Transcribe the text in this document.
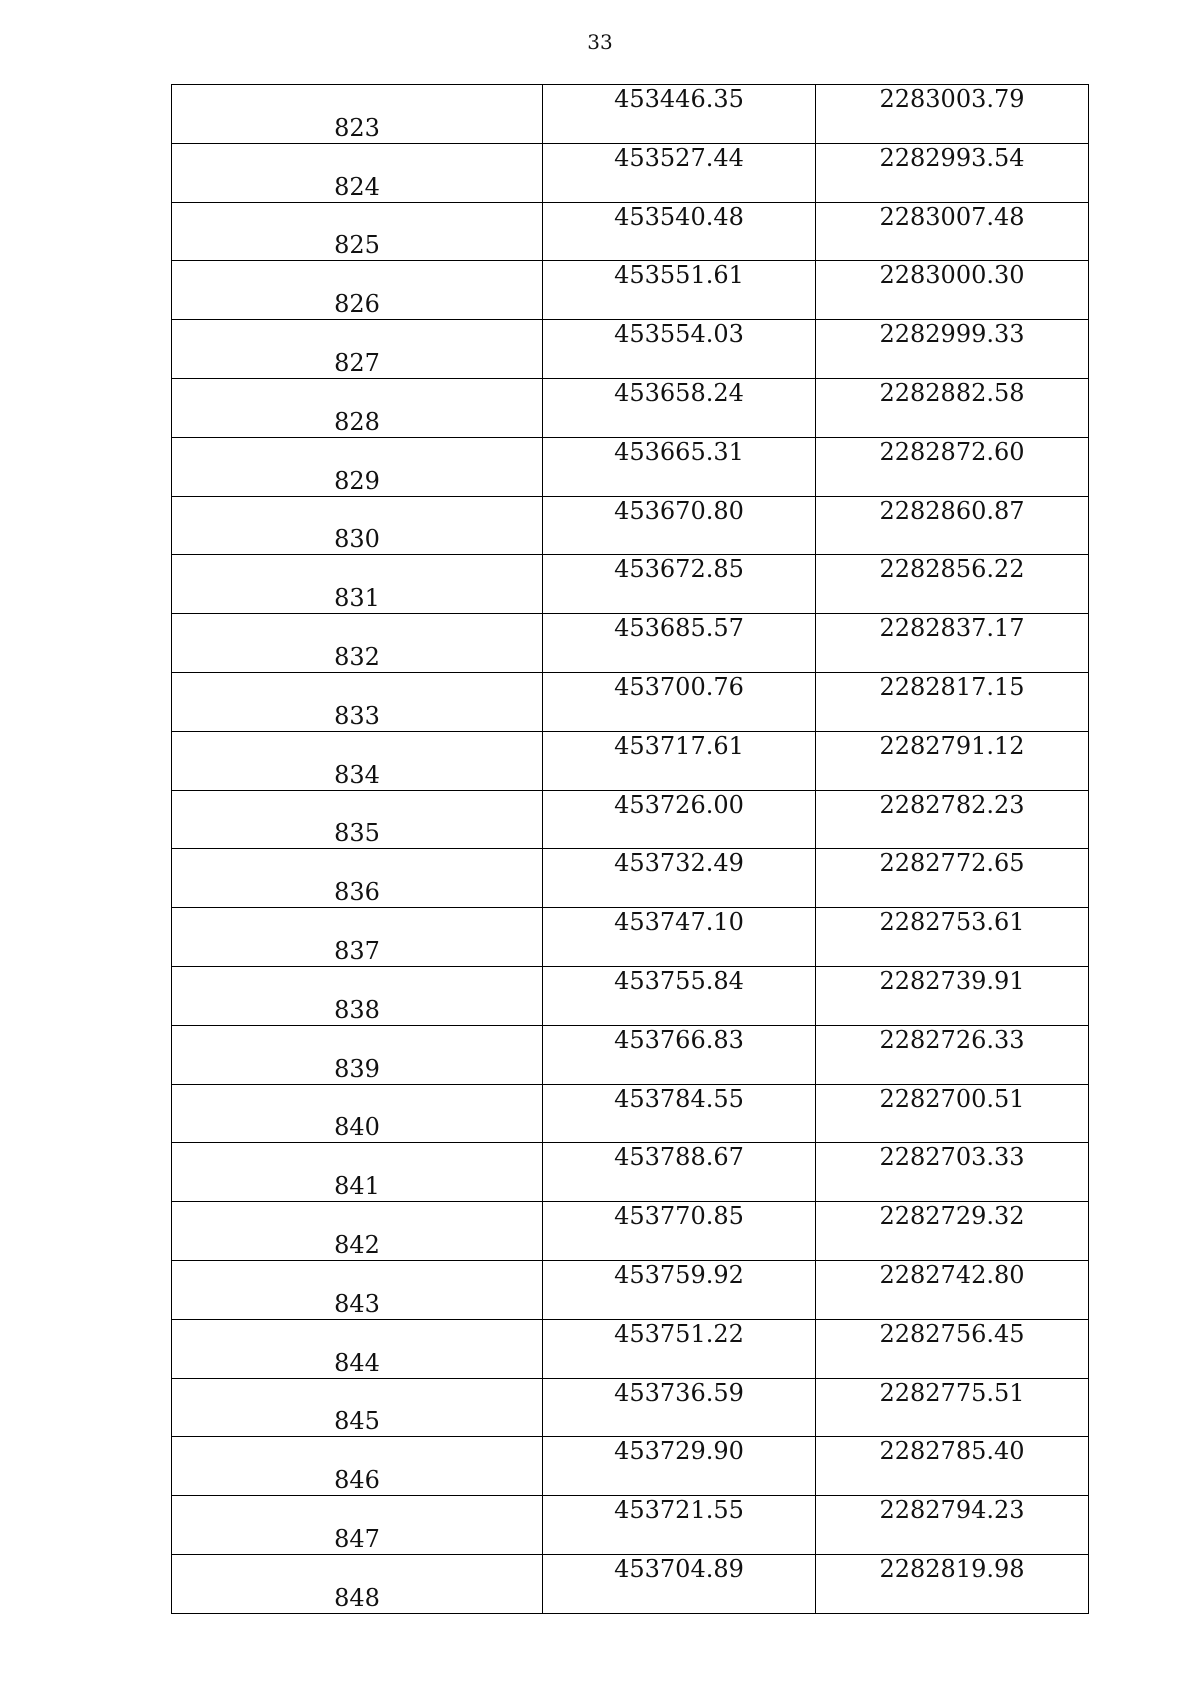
33
823	453446.35	2283003.79

824	453527.44	2282993.54

825	453540.48	2283007.48

826	453551.61	2283000.30

827	453554.03	2282999.33

828	453658.24	2282882.58

829	453665.31	2282872.60

830	453670.80	2282860.87

831	453672.85	2282856.22

832	453685.57	2282837.17

833	453700.76	2282817.15

834	453717.61	2282791.12

835	453726.00	2282782.23

836	453732.49	2282772.65

837	453747.10	2282753.61

838	453755.84	2282739.91

839	453766.83	2282726.33

840	453784.55	2282700.51

841	453788.67	2282703.33

842	453770.85	2282729.32

843	453759.92	2282742.80

844	453751.22	2282756.45

845	453736.59	2282775.51

846	453729.90	2282785.40

847	453721.55	2282794.23

848	453704.89	2282819.98
